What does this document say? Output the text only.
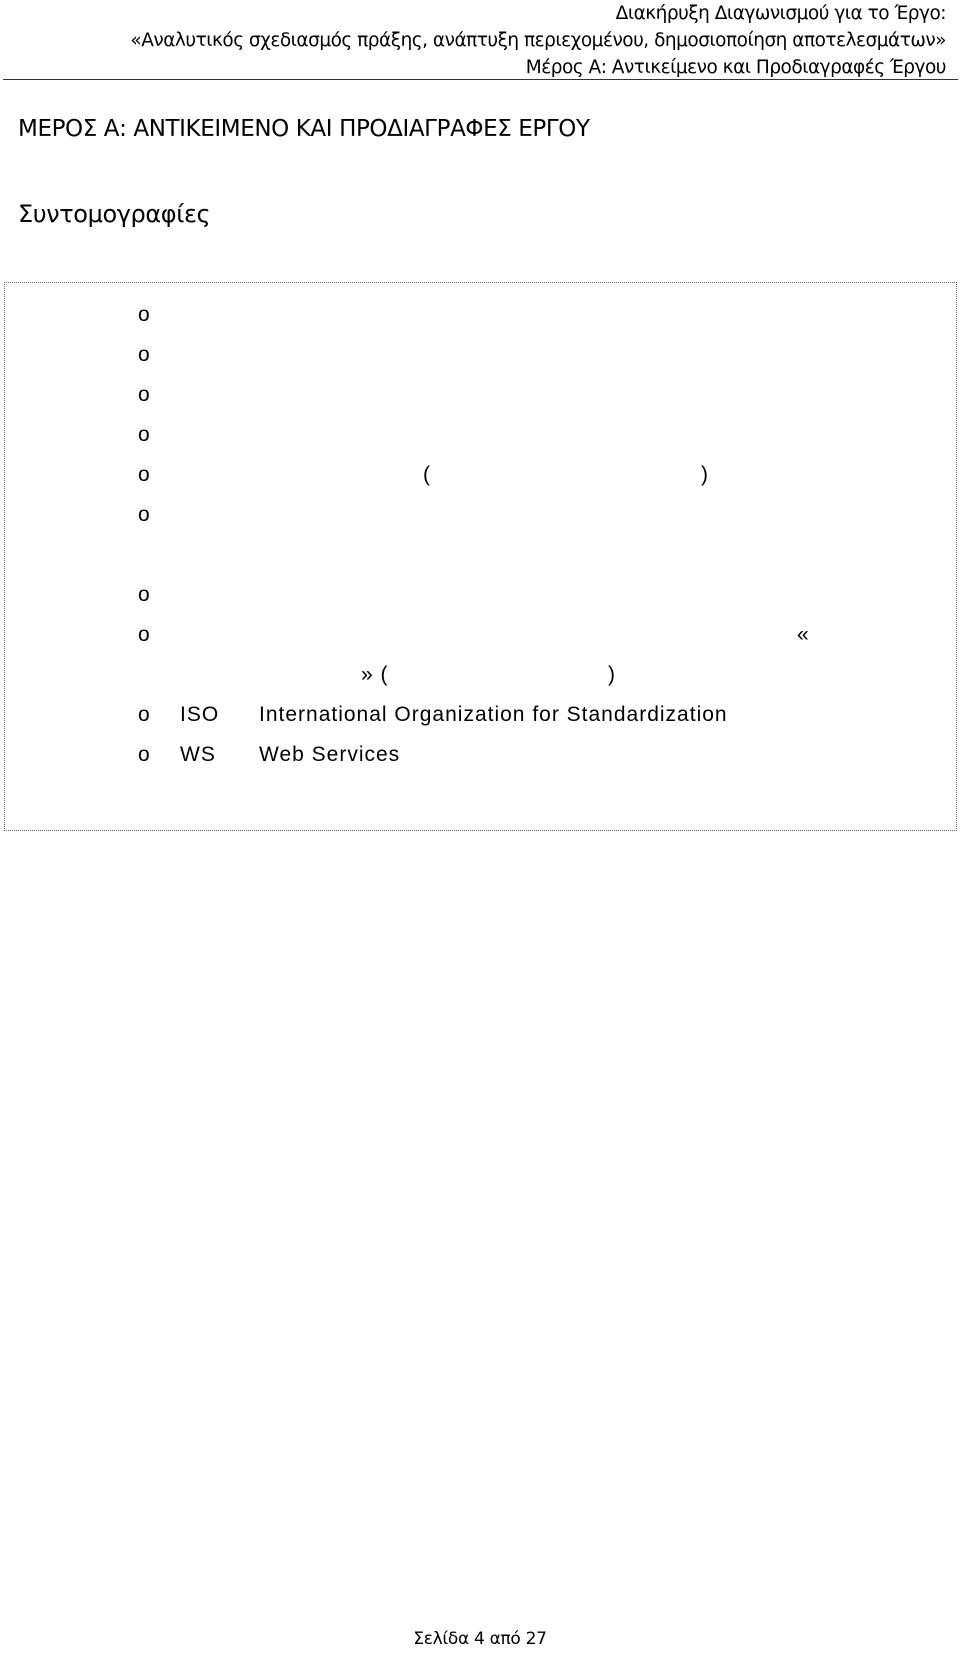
Διακήρυξη Διαγωνισμού για το Έργο:
«Αναλυτικός σχεδιασμός πράξης, ανάπτυξη περιεχομένου, δημοσιοποίηση αποτελεσμάτων»
Μέρος Α: Αντικείμενο και Προδιαγραφές Έργου
ΜΕΡΟΣ Α: ΑΝΤΙΚΕΙΜΕΝΟ ΚΑΙ ΠΡΟΔΙΑΓΡΑΦΕΣ ΕΡΓΟΥ
Συντομογραφίες
o
o
o
o
o	(	)
o
o
o	«
» (	)
o ISO International Organization for Standardization
o WS Web Services
Σελίδα 4 από 27
